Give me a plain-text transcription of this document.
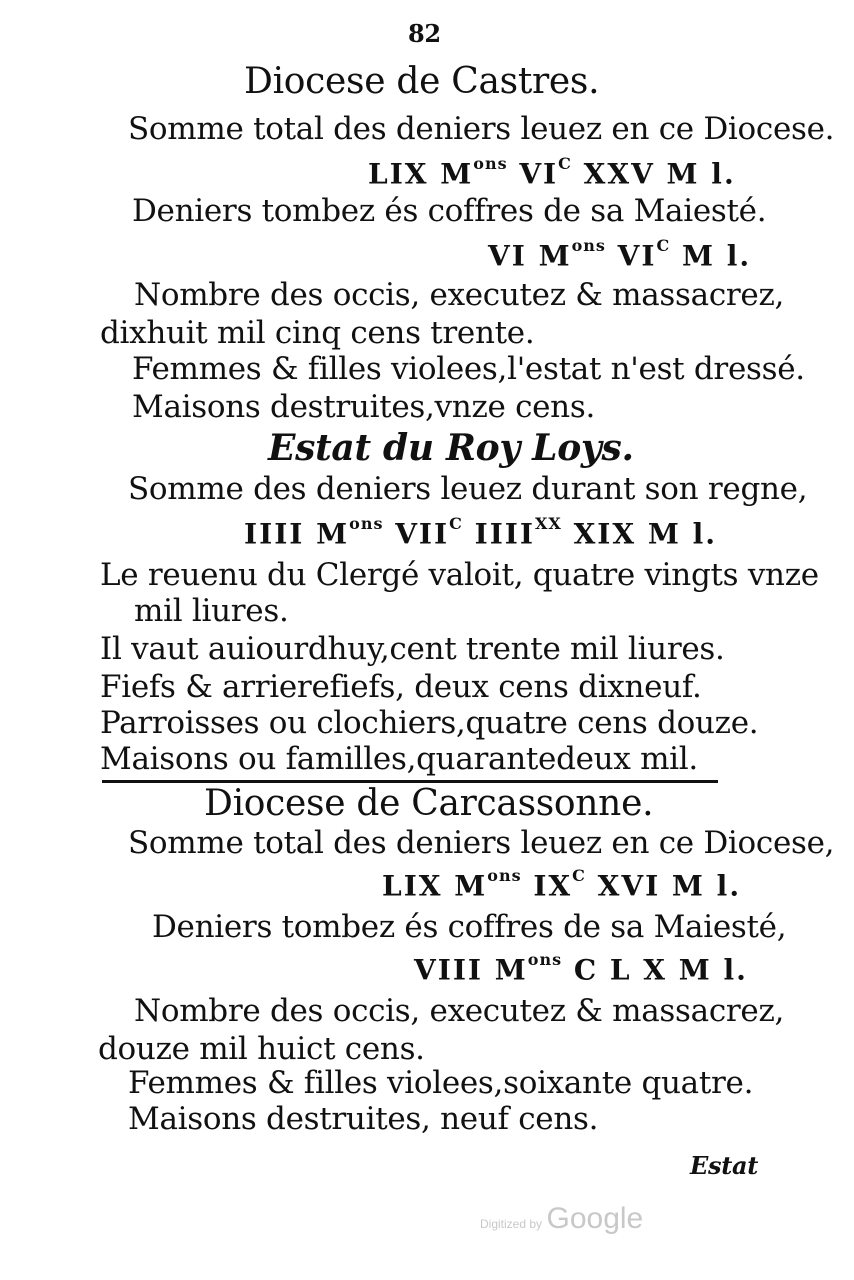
82
Diocese de Castres.
Somme total des deniers leuez en ce Diocese.
LIX $M^{ons}$ $VI^C$ XXV M l.
Deniers tombez és coffres de sa Maiesté.
VI $M^{ons}$ $VI^C$ M l.
Nombre des occis, executez & massacrez,
dixhuit mil cinq cens trente.
Femmes & filles violees,l'estat n'est dressé.
Maisons destruites,vnze cens.
Estat du Roy Loys.
Somme des deniers leuez durant son regne,
IIII $M^{ons}$ $VII^C$ $IIII^{XX}$ XIX M l.
Le reuenu du Clergé valoit, quatre vingts vnze
mil liures.
Il vaut auiourdhuy,cent trente mil liures.
Fiefs & arrierefiefs, deux cens dixneuf.
Parroisses ou clochiers,quatre cens douze.
Maisons ou familles,quarantedeux mil.
Diocese de Carcassonne.
Somme total des deniers leuez en ce Diocese,
LIX $M^{ons}$ $IX^C$ XVI M l.
Deniers tombez és coffres de sa Maiesté,
VIII $M^{ons}$ C L X M l.
Nombre des occis, executez & massacrez,
douze mil huict cens.
Femmes & filles violees,soixante quatre.
Maisons destruites, neuf cens.
Estat
Digitized by Google
